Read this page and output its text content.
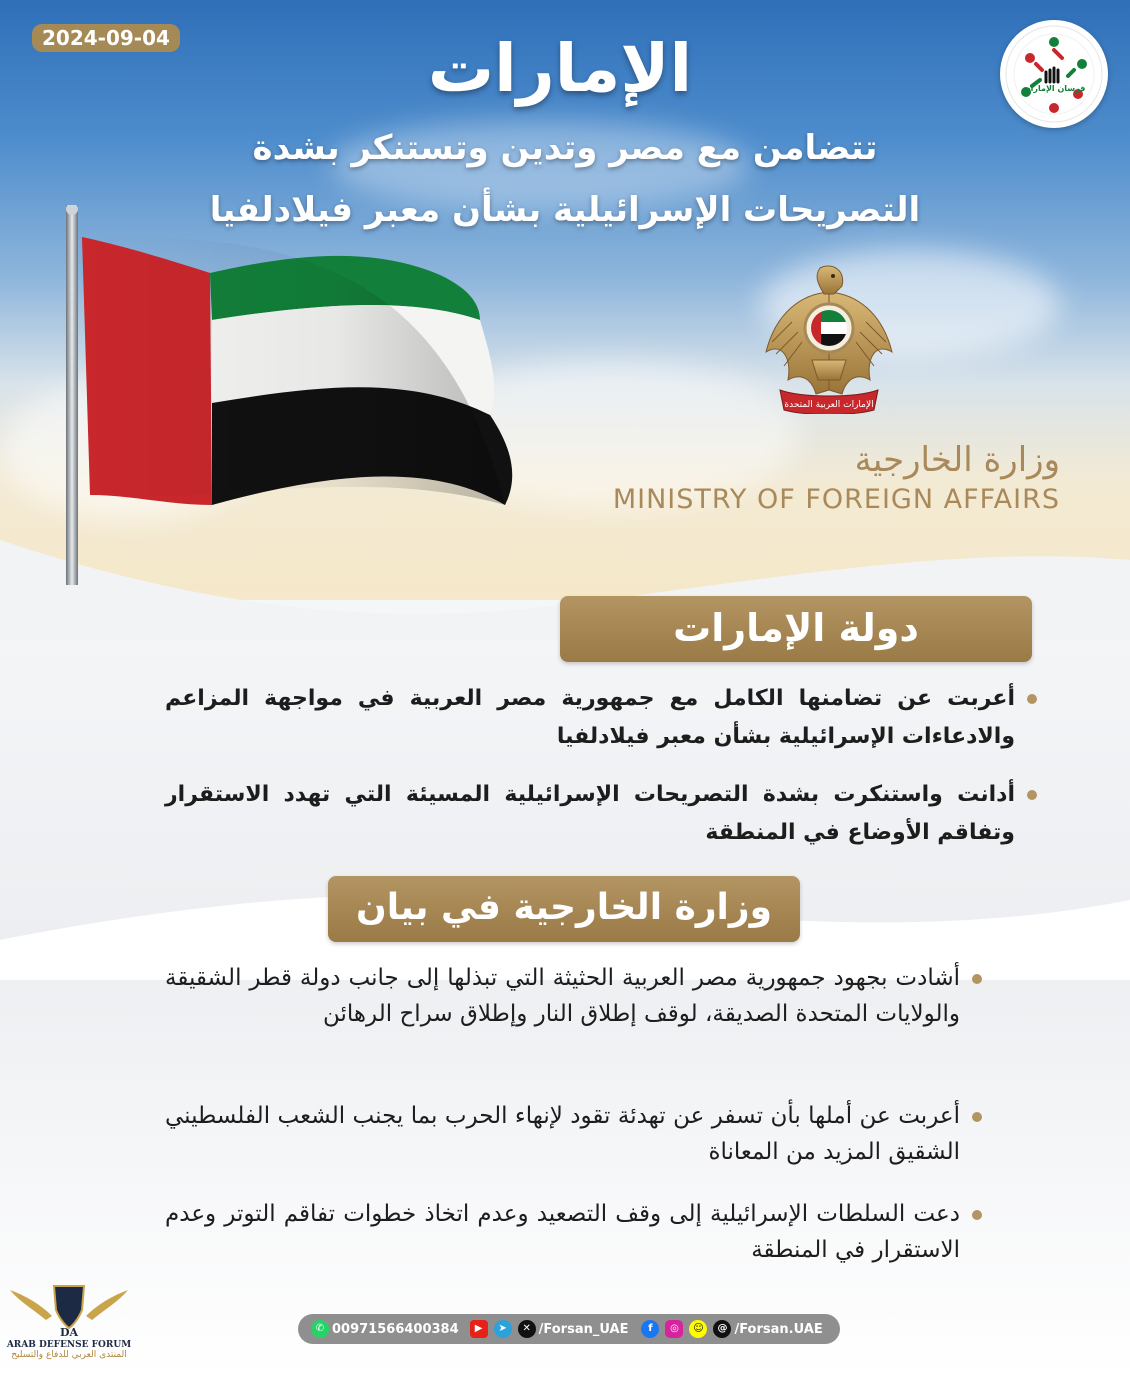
2024-09-04	الإمارات
تتضامن مع مصر وتدين وتستنكر بشدة
التصريحات الإسرائيلية بشأن معبر فيلادلفيا
فرسان الإمارات
الإمارات العربية المتحدة
وزارة الخارجية
MINISTRY OF FOREIGN AFFAIRS
دولة الإمارات
أعربت عن تضامنها الكامل مع جمهورية مصر العربية في مواجهة المزاعم والادعاءات الإسرائيلية بشأن معبر فيلادلفيا
أدانت واستنكرت بشدة التصريحات الإسرائيلية المسيئة التي تهدد الاستقرار وتفاقم الأوضاع في المنطقة
وزارة الخارجية في بيان
أشادت بجهود جمهورية مصر العربية الحثيثة التي تبذلها إلى جانب دولة قطر الشقيقة والولايات المتحدة الصديقة، لوقف إطلاق النار وإطلاق سراح الرهائن
أعربت عن أملها بأن تسفر عن تهدئة تقود لإنهاء الحرب بما يجنب الشعب الفلسطيني الشقيق المزيد من المعاناة
دعت السلطات الإسرائيلية إلى وقف التصعيد وعدم اتخاذ خطوات تفاقم التوتر وعدم الاستقرار في المنطقة
✆ 00971566400384	▶	➤	✕ /Forsan_UAE	f	◎	☺	@ /Forsan.UAE
DA
ARAB DEFENSE FORUM
المنتدى العربي للدفاع والتسليح
